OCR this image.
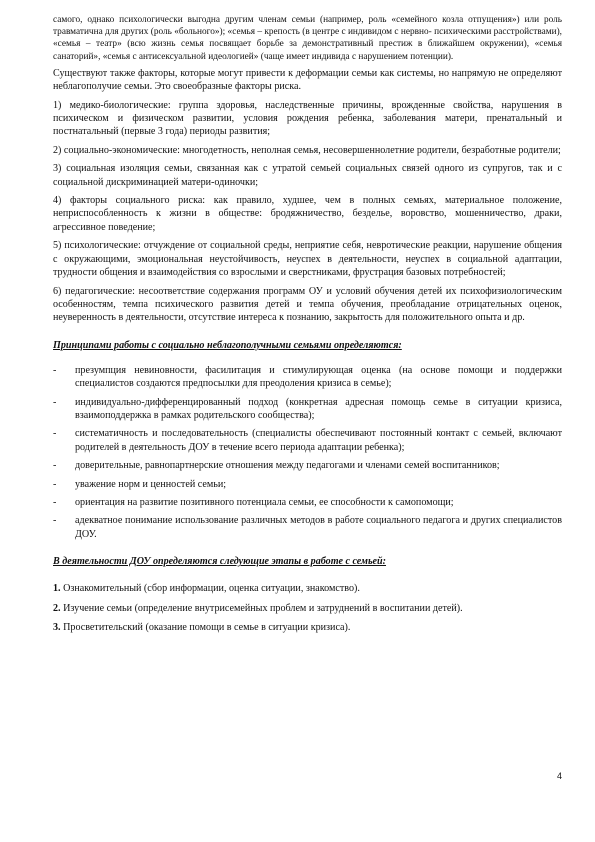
самого, однако психологически выгодна другим членам семьи (например, роль «семейного козла отпущения») или роль травматична для других (роль «больного»); «семья – крепость (в центре с индивидом с нервно- психическими расстройствами), «семья – театр» (всю жизнь семья посвящает борьбе за демонстративный престиж в ближайшем окружении), «семья санаторий», «семья с антисексуальной идеологией» (чаще имеет индивида с нарушением потенции).

Существуют также факторы, которые могут привести к деформации семьи как системы, но напрямую не определяют неблагополучие семьи. Это своеобразные факторы риска.

1) медико-биологические: группа здоровья, наследственные причины, врожденные свойства, нарушения в психическом и физическом развитии, условия рождения ребенка, заболевания матери, пренатальный и постнатальный (первые 3 года) периоды развития;

2) социально-экономические: многодетность, неполная семья, несовершеннолетние родители, безработные родители;

3) социальная изоляция семьи, связанная как с утратой семьей социальных связей одного из супругов, так и с социальной дискриминацией матери-одиночки;

4) факторы социального риска: как правило, худшее, чем в полных семьях, материальное положение, неприспособленность к жизни в обществе: бродяжничество, безделье, воровство, мошенничество, драки, агрессивное поведение;

5) психологические: отчуждение от социальной среды, неприятие себя, невротические реакции, нарушение общения с окружающими, эмоциональная неустойчивость, неуспех в деятельности, неуспех в социальной адаптации, трудности общения и взаимодействия со взрослыми и сверстниками, фрустрация базовых потребностей;

6) педагогические: несоответствие содержания программ ОУ и условий обучения детей их психофизиологическим особенностям, темпа психического развития детей и темпа обучения, преобладание отрицательных оценок, неуверенность в деятельности, отсутствие интереса к познанию, закрытость для положительного опыта и др.

Принципами работы с социально неблагополучными семьями определяются:

-	презумпция невиновности, фасилитация и стимулирующая оценка (на основе помощи и поддержки специалистов создаются предпосылки для преодоления кризиса в семье);
-	индивидуально-дифференцированный подход (конкретная адресная помощь семье в ситуации кризиса, взаимоподдержка в рамках родительского сообщества);
-	систематичность и последовательность (специалисты обеспечивают постоянный контакт с семьей, включают родителей в деятельность ДОУ в течение всего периода адаптации ребенка);
-	доверительные, равнопартнерские отношения между педагогами и членами семей воспитанников;
-	уважение норм и ценностей семьи;
-	ориентация на развитие позитивного потенциала семьи, ее способности к самопомощи;
-	адекватное понимание использование различных методов в работе социального педагога и других специалистов ДОУ.

В деятельности ДОУ определяются следующие этапы в работе с семьей:

1. Ознакомительный (сбор информации, оценка ситуации, знакомство).

2. Изучение семьи (определение внутрисемейных проблем и затруднений в воспитании детей).

3. Просветительский (оказание помощи в семье в ситуации кризиса).

4
